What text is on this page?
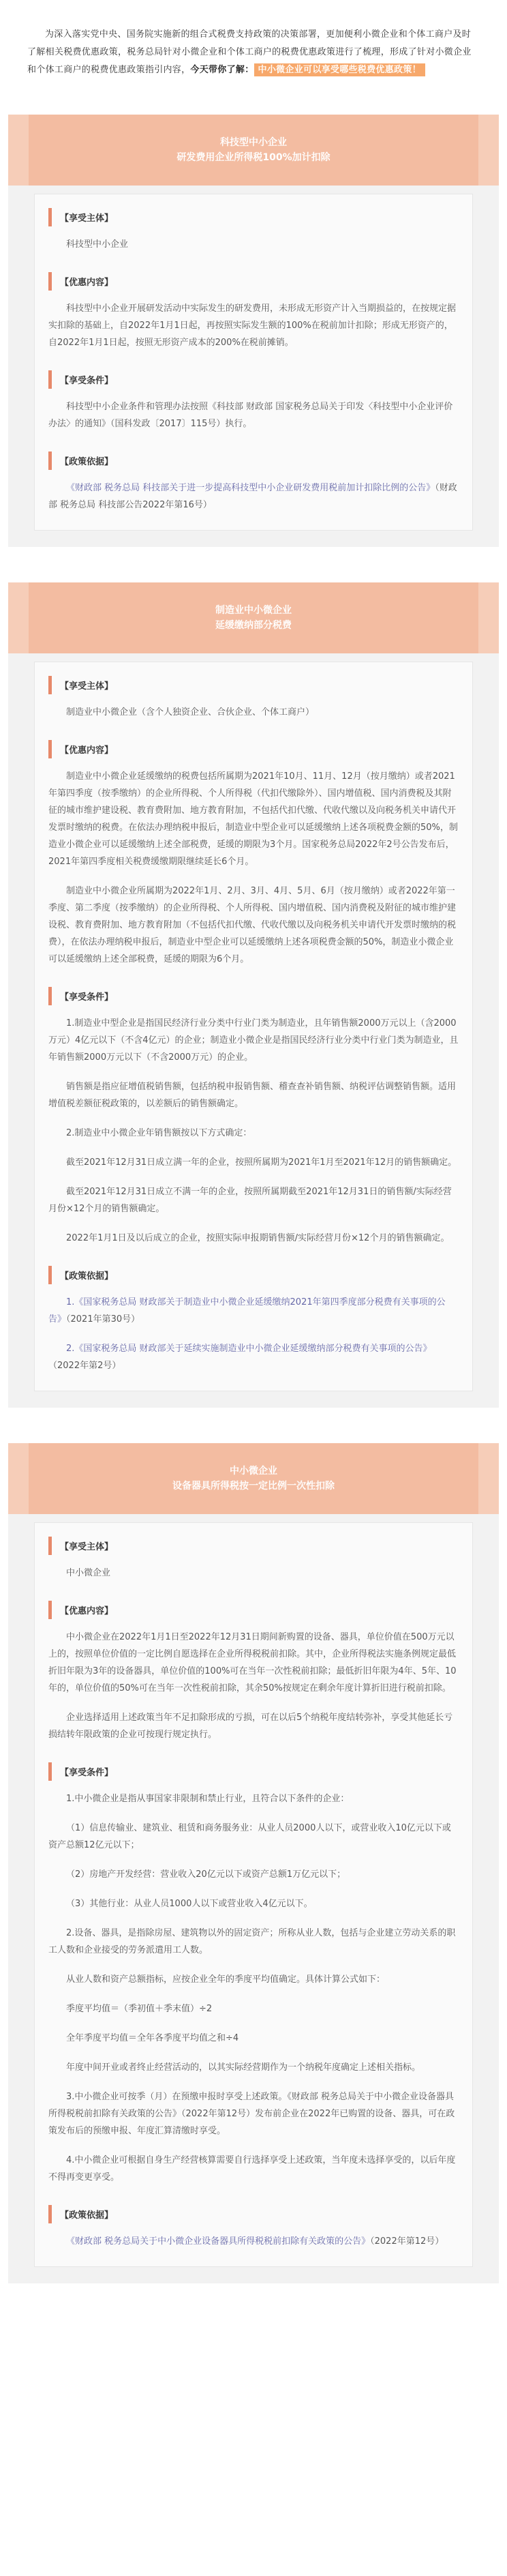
为深入落实党中央、国务院实施新的组合式税费支持政策的决策部署，更加便利小微企业和个体工商户及时了解相关税费优惠政策，税务总局针对小微企业和个体工商户的税费优惠政策进行了梳理，形成了针对小微企业和个体工商户的税费优惠政策指引内容，今天带你了解： 中小微企业可以享受哪些税费优惠政策！
科技型中小企业
研发费用企业所得税100%加计扣除
【享受主体】
科技型中小企业
【优惠内容】
科技型中小企业开展研发活动中实际发生的研发费用，未形成无形资产计入当期损益的，在按规定据实扣除的基础上，自2022年1月1日起，再按照实际发生额的100%在税前加计扣除；形成无形资产的，自2022年1月1日起，按照无形资产成本的200%在税前摊销。
【享受条件】
科技型中小企业条件和管理办法按照《科技部 财政部 国家税务总局关于印发〈科技型中小企业评价办法〉的通知》（国科发政〔2017〕115号）执行。
【政策依据】
《财政部 税务总局 科技部关于进一步提高科技型中小企业研发费用税前加计扣除比例的公告》（财政部 税务总局 科技部公告2022年第16号）
制造业中小微企业
延缓缴纳部分税费
【享受主体】
制造业中小微企业（含个人独资企业、合伙企业、个体工商户）
【优惠内容】
制造业中小微企业延缓缴纳的税费包括所属期为2021年10月、11月、12月（按月缴纳）或者2021年第四季度（按季缴纳）的企业所得税、个人所得税（代扣代缴除外）、国内增值税、国内消费税及其附征的城市维护建设税、教育费附加、地方教育附加，不包括代扣代缴、代收代缴以及向税务机关申请代开发票时缴纳的税费。在依法办理纳税申报后，制造业中型企业可以延缓缴纳上述各项税费金额的50%，制造业小微企业可以延缓缴纳上述全部税费，延缓的期限为3个月。国家税务总局2022年2号公告发布后，2021年第四季度相关税费缓缴期限继续延长6个月。
制造业中小微企业所属期为2022年1月、2月、3月、4月、5月、6月（按月缴纳）或者2022年第一季度、第二季度（按季缴纳）的企业所得税、个人所得税、国内增值税、国内消费税及附征的城市维护建设税、教育费附加、地方教育附加（不包括代扣代缴、代收代缴以及向税务机关申请代开发票时缴纳的税费），在依法办理纳税申报后，制造业中型企业可以延缓缴纳上述各项税费金额的50%，制造业小微企业可以延缓缴纳上述全部税费，延缓的期限为6个月。
【享受条件】
1.制造业中型企业是指国民经济行业分类中行业门类为制造业，且年销售额2000万元以上（含2000万元）4亿元以下（不含4亿元）的企业；制造业小微企业是指国民经济行业分类中行业门类为制造业，且年销售额2000万元以下（不含2000万元）的企业。
销售额是指应征增值税销售额，包括纳税申报销售额、稽查查补销售额、纳税评估调整销售额。适用增值税差额征税政策的，以差额后的销售额确定。
2.制造业中小微企业年销售额按以下方式确定：
截至2021年12月31日成立满一年的企业，按照所属期为2021年1月至2021年12月的销售额确定。
截至2021年12月31日成立不满一年的企业，按照所属期截至2021年12月31日的销售额/实际经营月份×12个月的销售额确定。
2022年1月1日及以后成立的企业，按照实际申报期销售额/实际经营月份×12个月的销售额确定。
【政策依据】
1.《国家税务总局 财政部关于制造业中小微企业延缓缴纳2021年第四季度部分税费有关事项的公告》（2021年第30号）
2.《国家税务总局 财政部关于延续实施制造业中小微企业延缓缴纳部分税费有关事项的公告》（2022年第2号）
中小微企业
设备器具所得税按一定比例一次性扣除
【享受主体】
中小微企业
【优惠内容】
中小微企业在2022年1月1日至2022年12月31日期间新购置的设备、器具，单位价值在500万元以上的，按照单位价值的一定比例自愿选择在企业所得税税前扣除。其中，企业所得税法实施条例规定最低折旧年限为3年的设备器具，单位价值的100%可在当年一次性税前扣除；最低折旧年限为4年、5年、10年的，单位价值的50%可在当年一次性税前扣除，其余50%按规定在剩余年度计算折旧进行税前扣除。
企业选择适用上述政策当年不足扣除形成的亏损，可在以后5个纳税年度结转弥补，享受其他延长亏损结转年限政策的企业可按现行规定执行。
【享受条件】
1.中小微企业是指从事国家非限制和禁止行业，且符合以下条件的企业：
（1）信息传输业、建筑业、租赁和商务服务业：从业人员2000人以下，或营业收入10亿元以下或资产总额12亿元以下；
（2）房地产开发经营：营业收入20亿元以下或资产总额1万亿元以下；
（3）其他行业：从业人员1000人以下或营业收入4亿元以下。
2.设备、器具，是指除房屋、建筑物以外的固定资产；所称从业人数，包括与企业建立劳动关系的职工人数和企业接受的劳务派遣用工人数。
从业人数和资产总额指标，应按企业全年的季度平均值确定。具体计算公式如下：
季度平均值＝（季初值＋季末值）÷2
全年季度平均值＝全年各季度平均值之和÷4
年度中间开业或者终止经营活动的，以其实际经营期作为一个纳税年度确定上述相关指标。
3.中小微企业可按季（月）在预缴申报时享受上述政策。《财政部 税务总局关于中小微企业设备器具所得税税前扣除有关政策的公告》（2022年第12号）发布前企业在2022年已购置的设备、器具，可在政策发布后的预缴申报、年度汇算清缴时享受。
4.中小微企业可根据自身生产经营核算需要自行选择享受上述政策，当年度未选择享受的，以后年度不得再变更享受。
【政策依据】
《财政部 税务总局关于中小微企业设备器具所得税税前扣除有关政策的公告》（2022年第12号）
